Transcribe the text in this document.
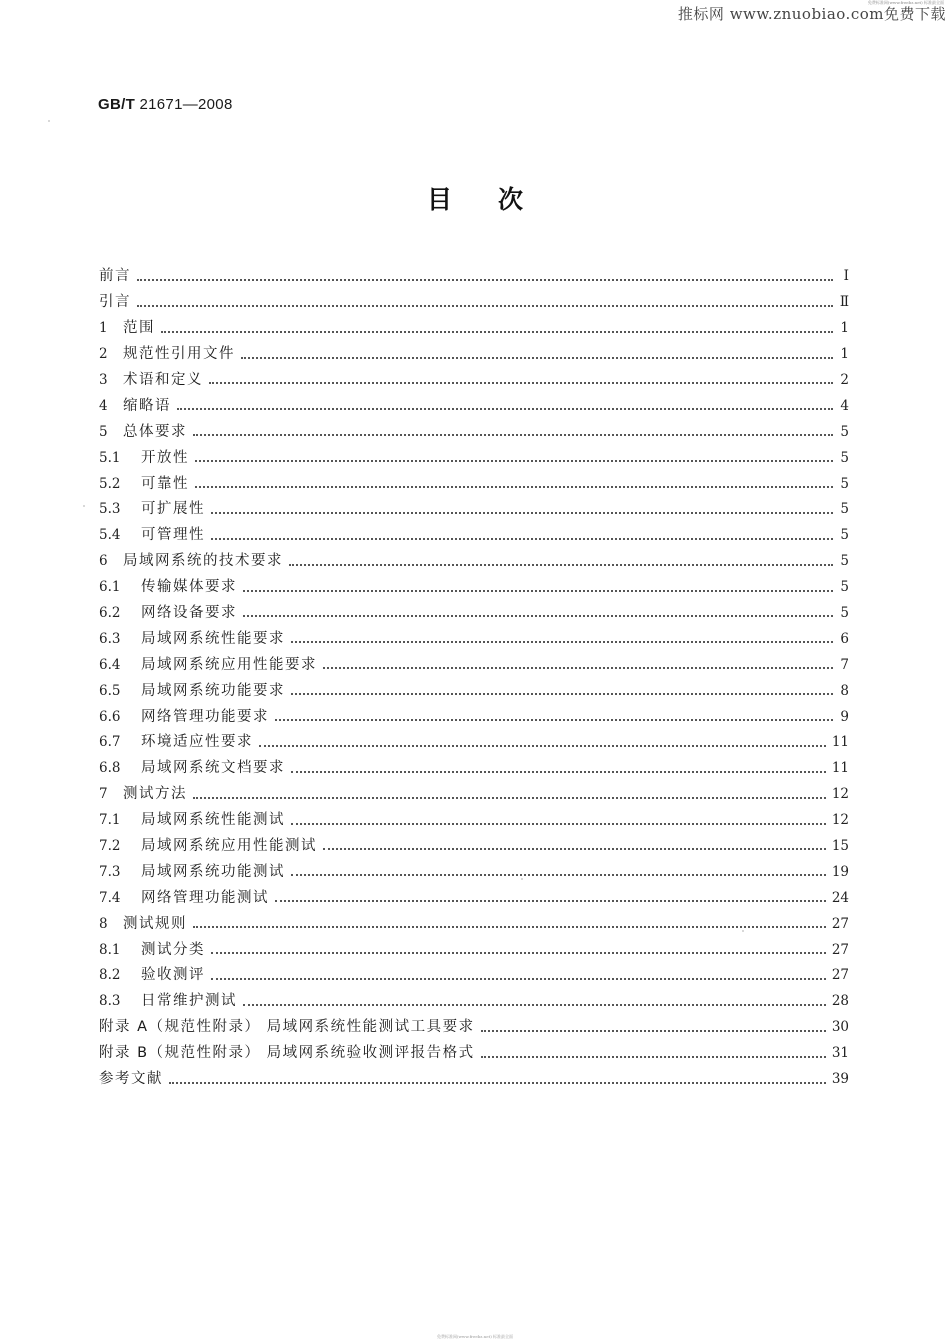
免费标准网(www.freebz.net) 标准最全面
推标网 www.znuobiao.com免费下载
GB/T 21671—2008
目次
前言	Ⅰ
引言	Ⅱ
1	范围	1
2	规范性引用文件	1
3	术语和定义	2
4	缩略语	4
5	总体要求	5
5.1	开放性	5
5.2	可靠性	5
5.3	可扩展性	5
5.4	可管理性	5
6	局域网系统的技术要求	5
6.1	传输媒体要求	5
6.2	网络设备要求	5
6.3	局域网系统性能要求	6
6.4	局域网系统应用性能要求	7
6.5	局域网系统功能要求	8
6.6	网络管理功能要求	9
6.7	环境适应性要求	11
6.8	局域网系统文档要求	11
7	测试方法	12
7.1	局域网系统性能测试	12
7.2	局域网系统应用性能测试	15
7.3	局域网系统功能测试	19
7.4	网络管理功能测试	24
8	测试规则	27
8.1	测试分类	27
8.2	验收测评	27
8.3	日常维护测试	28
附录 A（规范性附录） 局域网系统性能测试工具要求	30
附录 B（规范性附录） 局域网系统验收测评报告格式	31
参考文献	39
免费标准网(www.freebz.net) 标准最全面
